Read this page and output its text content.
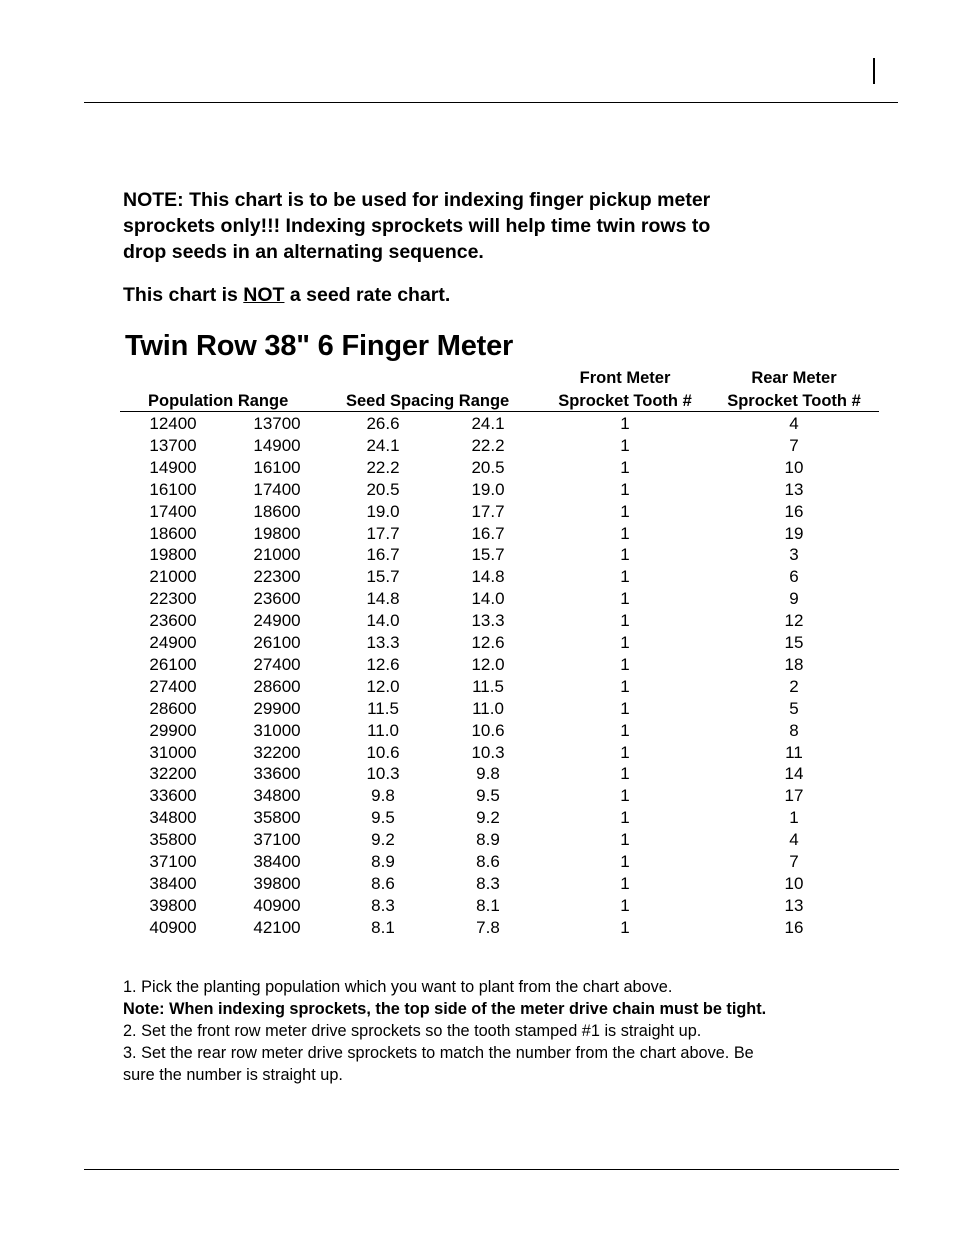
NOTE: This chart is to be used for indexing finger pickup meter
sprockets only!!! Indexing sprockets will help time twin rows to
drop seeds in an alternating sequence.
This chart is NOT a seed rate chart.
Twin Row 38" 6 Finger Meter
Population Range	Seed Spacing Range
Front Meter
Sprocket Tooth #
Rear Meter
Sprocket Tooth #
12400	13700	26.6	24.1	1	4
13700	14900	24.1	22.2	1	7
14900	16100	22.2	20.5	1	10
16100	17400	20.5	19.0	1	13
17400	18600	19.0	17.7	1	16
18600	19800	17.7	16.7	1	19
19800	21000	16.7	15.7	1	3
21000	22300	15.7	14.8	1	6
22300	23600	14.8	14.0	1	9
23600	24900	14.0	13.3	1	12
24900	26100	13.3	12.6	1	15
26100	27400	12.6	12.0	1	18
27400	28600	12.0	11.5	1	2
28600	29900	11.5	11.0	1	5
29900	31000	11.0	10.6	1	8
31000	32200	10.6	10.3	1	11
32200	33600	10.3	9.8	1	14
33600	34800	9.8	9.5	1	17
34800	35800	9.5	9.2	1	1
35800	37100	9.2	8.9	1	4
37100	38400	8.9	8.6	1	7
38400	39800	8.6	8.3	1	10
39800	40900	8.3	8.1	1	13
40900	42100	8.1	7.8	1	16
1. Pick the planting population which you want to plant from the chart above.
Note: When indexing sprockets, the top side of the meter drive chain must be tight.
2. Set the front row meter drive sprockets so the tooth stamped #1 is straight up.
3. Set the rear row meter drive sprockets to match the number from the chart above. Be
sure the number is straight up.
